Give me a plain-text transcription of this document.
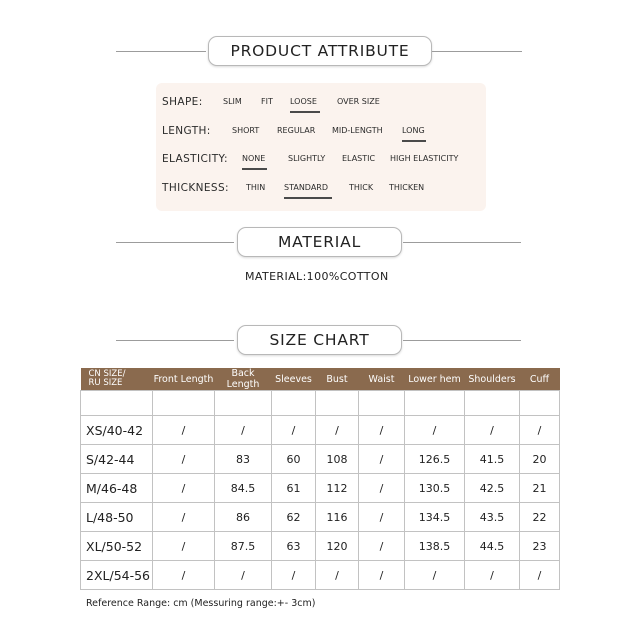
PRODUCT ATTRIBUTE
SHAPE:	SLIM FIT LOOSE	OVER SIZE
LENGTH:	SHORT REGULAR MID-LENGTH LONG
ELASTICITY: NONE	SLIGHTLY ELASTIC HIGH ELASTICITY
THICKNESS: THIN STANDARD	THICK THICKEN
MATERIAL
MATERIAL:100%COTTON
SIZE CHART
CN SIZE/
RU SIZE	Front Length	Back Length	Sleeves	Bust	Waist	Lower hem	Shoulders	Cuff

XS/40-42	/	/	/	/	/	/	/	/
S/42-44	/	83	60	108	/	126.5	41.5	20
M/46-48	/	84.5	61	112	/	130.5	42.5	21
L/48-50	/	86	62	116	/	134.5	43.5	22
XL/50-52	/	87.5	63	120	/	138.5	44.5	23
2XL/54-56	/	/	/	/	/	/	/	/
Reference Range: cm (Messuring range:+- 3cm)
